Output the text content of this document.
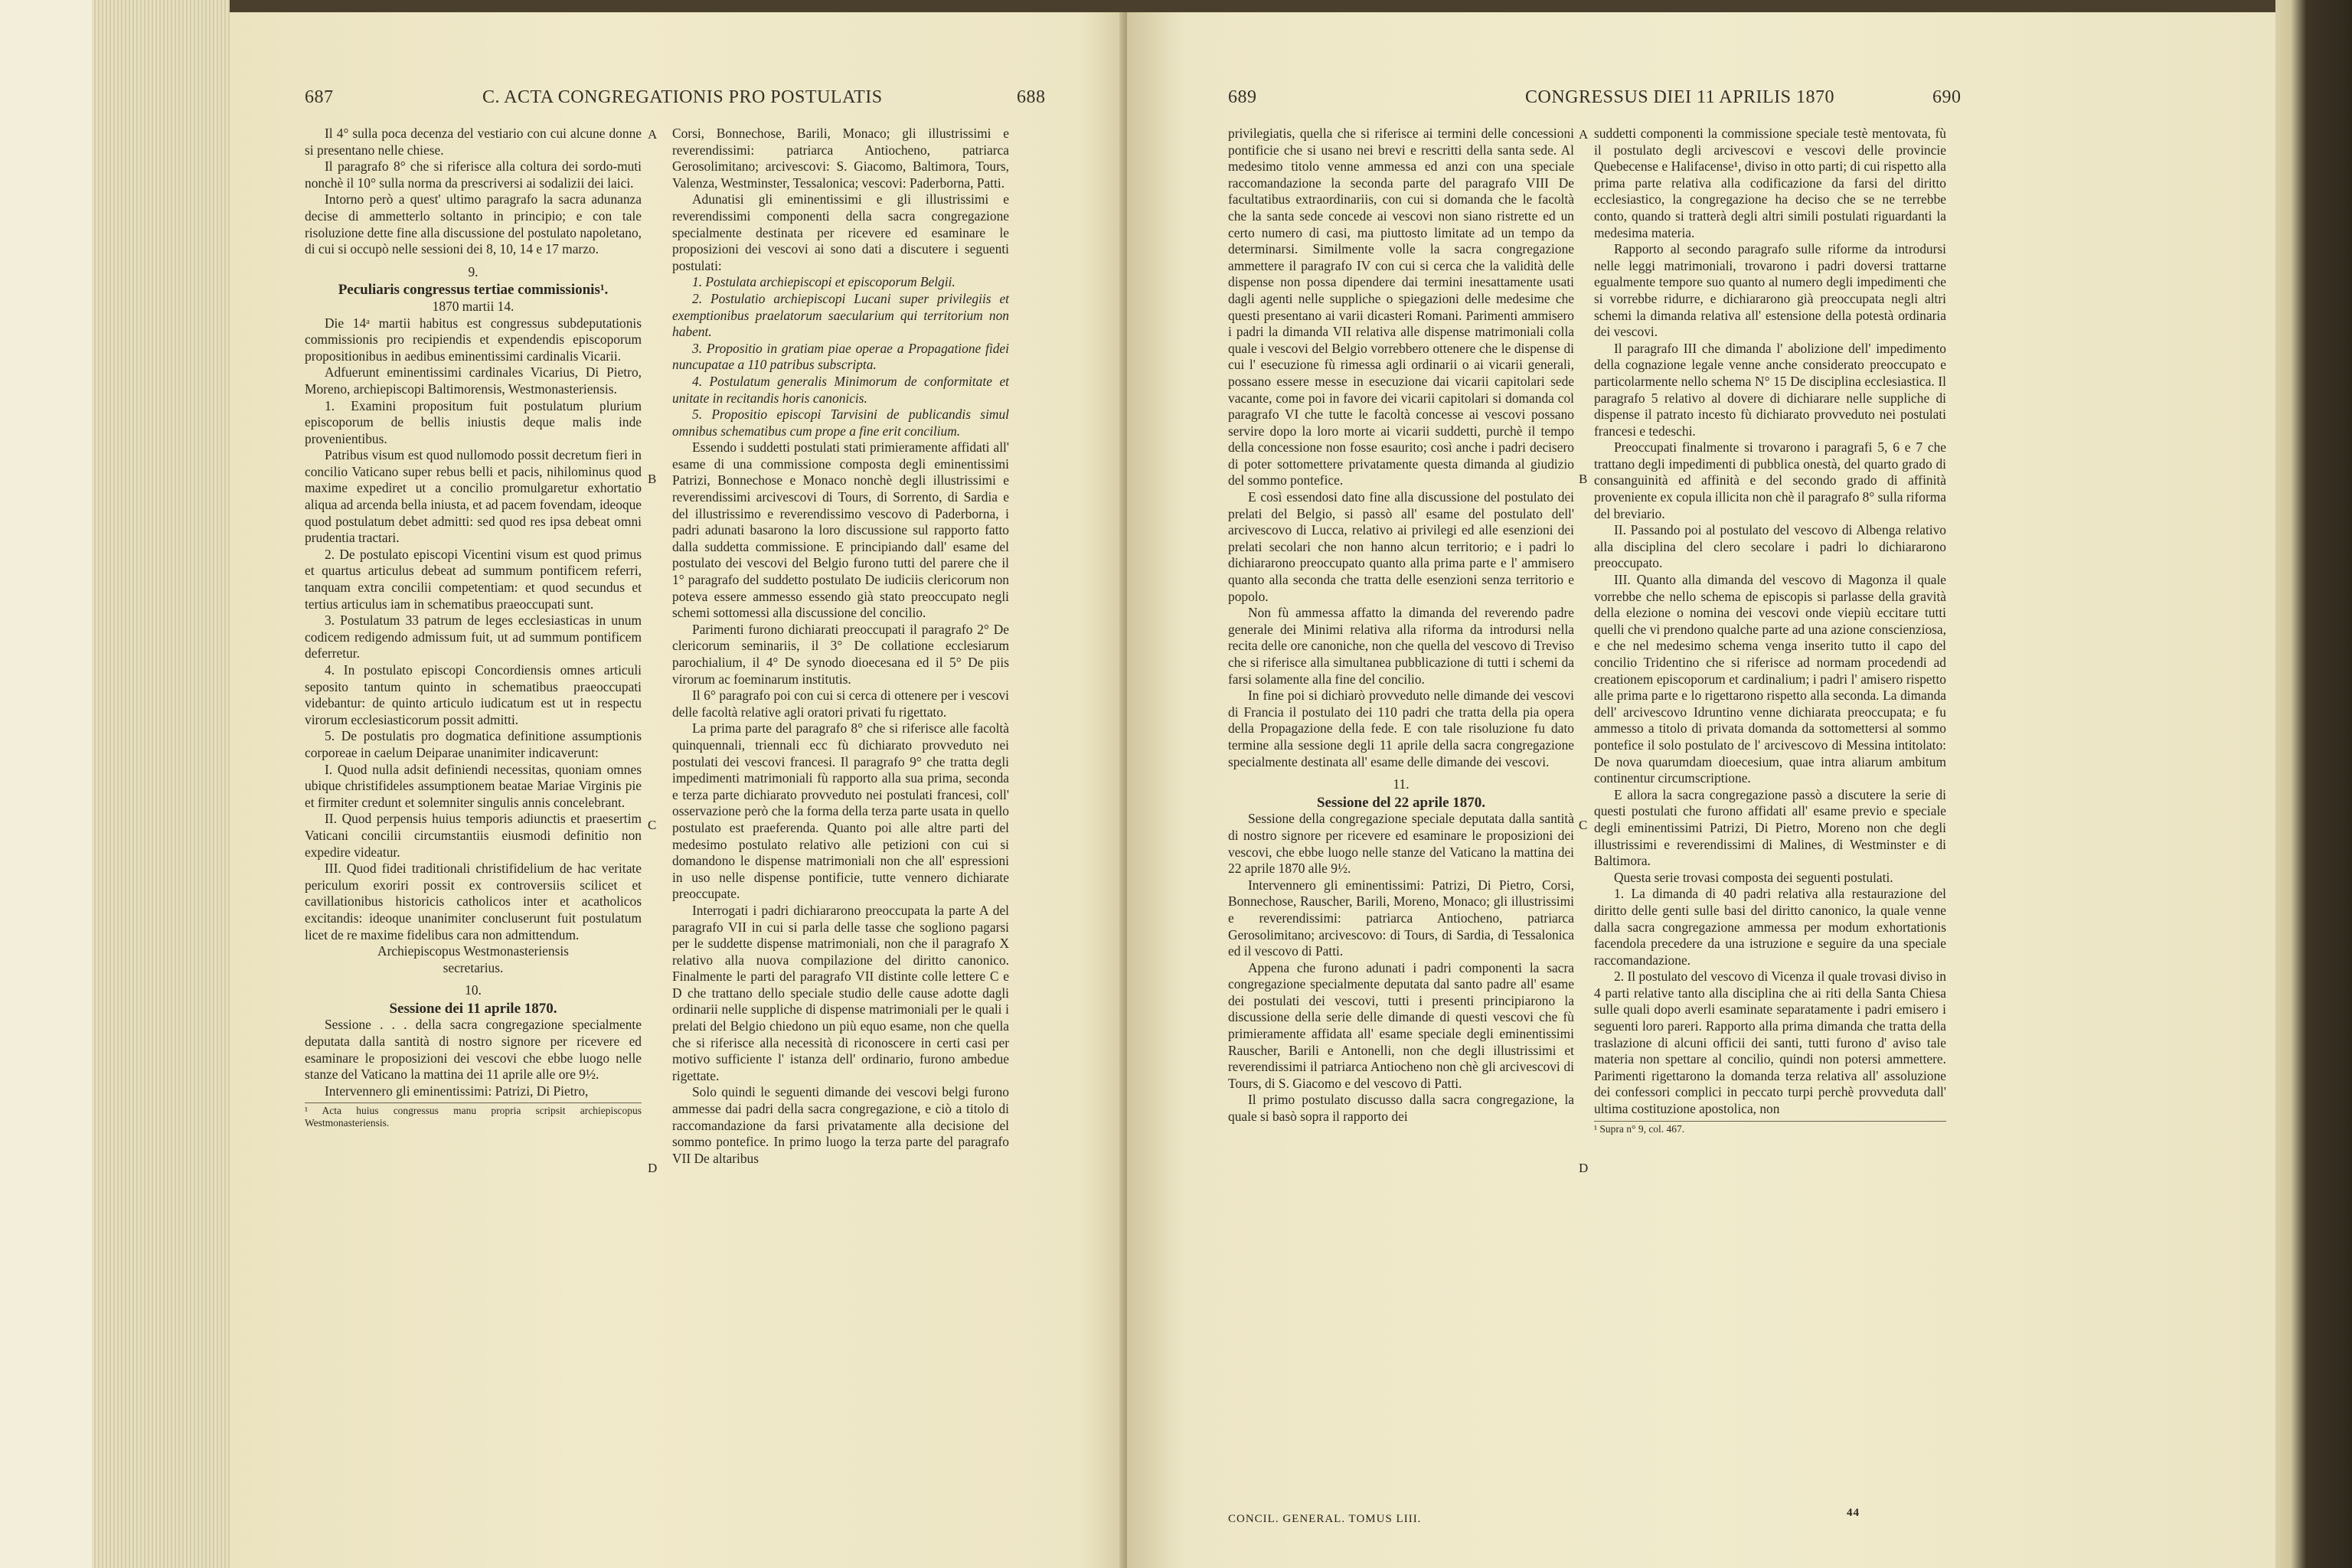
687	C. ACTA CONGREGATIONIS PRO POSTULATIS	688

Il 4° sulla poca decenza del vestiario con cui alcune donne si presentano nelle chiese.

Il paragrafo 8° che si riferisce alla coltura dei sordo-muti nonchè il 10° sulla norma da prescriversi ai sodalizii dei laici.

Intorno però a quest' ultimo paragrafo la sacra adunanza decise di ammetterlo soltanto in principio; e con tale risoluzione dette fine alla discussione del postulato napoletano, di cui si occupò nelle sessioni dei 8, 10, 14 e 17 marzo.

9.

Peculiaris congressus tertiae commissionis¹.

1870 martii 14.

Die 14ᵃ martii habitus est congressus subdeputationis commissionis pro recipiendis et expendendis episcoporum propositionibus in aedibus eminentissimi cardinalis Vicarii.

Adfuerunt eminentissimi cardinales Vicarius, Di Pietro, Moreno, archiepiscopi Baltimorensis, Westmonasteriensis.

1. Examini propositum fuit postulatum plurium episcoporum de bellis iniustis deque malis inde provenientibus.

Patribus visum est quod nullomodo possit decretum fieri in concilio Vaticano super rebus belli et pacis, nihilominus quod maxime expediret ut a concilio promulgaretur exhortatio aliqua ad arcenda bella iniusta, et ad pacem fovendam, ideoque quod postulatum debet admitti: sed quod res ipsa debeat omni prudentia tractari.

2. De postulato episcopi Vicentini visum est quod primus et quartus articulus debeat ad summum pontificem referri, tanquam extra concilii competentiam: et quod secundus et tertius articulus iam in schematibus praeoccupati sunt.

3. Postulatum 33 patrum de leges ecclesiasticas in unum codicem redigendo admissum fuit, ut ad summum pontificem deferretur.

4. In postulato episcopi Concordiensis omnes articuli seposito tantum quinto in schematibus praeoccupati videbantur: de quinto articulo iudicatum est ut in respectu virorum ecclesiasticorum possit admitti.

5. De postulatis pro dogmatica definitione assumptionis corporeae in caelum Deiparae unanimiter indicaverunt:

I. Quod nulla adsit definiendi necessitas, quoniam omnes ubique christifideles assumptionem beatae Mariae Virginis pie et firmiter credunt et solemniter singulis annis concelebrant.

II. Quod perpensis huius temporis adiunctis et praesertim Vaticani concilii circumstantiis eiusmodi definitio non expedire videatur.

III. Quod fidei traditionali christifidelium de hac veritate periculum exoriri possit ex controversiis scilicet et cavillationibus historicis catholicos inter et acatholicos excitandis: ideoque unanimiter concluserunt fuit postulatum licet de re maxime fidelibus cara non admittendum.

Archiepiscopus Westmonasteriensis

secretarius.

10.

Sessione dei 11 aprile 1870.

Sessione . . . della sacra congregazione specialmente deputata dalla santità di nostro signore per ricevere ed esaminare le proposizioni dei vescovi che ebbe luogo nelle stanze del Vaticano la mattina dei 11 aprile alle ore 9½.

Intervennero gli eminentissimi: Patrizi, Di Pietro,

¹ Acta huius congressus manu propria scripsit archiepiscopus Westmonasteriensis.

Corsi, Bonnechose, Barili, Monaco; gli illustrissimi e reverendissimi: patriarca Antiocheno, patriarca Gerosolimitano; arcivescovi: S. Giacomo, Baltimora, Tours, Valenza, Westminster, Tessalonica; vescovi: Paderborna, Patti.

Adunatisi gli eminentissimi e gli illustrissimi e reverendissimi componenti della sacra congregazione specialmente destinata per ricevere ed esaminare le proposizioni dei vescovi ai sono dati a discutere i seguenti postulati:

1. Postulata archiepiscopi et episcoporum Belgii.

2. Postulatio archiepiscopi Lucani super privilegiis et exemptionibus praelatorum saecularium qui territorium non habent.

3. Propositio in gratiam piae operae a Propagatione fidei nuncupatae a 110 patribus subscripta.

4. Postulatum generalis Minimorum de conformitate et unitate in recitandis horis canonicis.

5. Propositio episcopi Tarvisini de publicandis simul omnibus schematibus cum prope a fine erit concilium.

Essendo i suddetti postulati stati primieramente affidati all' esame di una commissione composta degli eminentissimi Patrizi, Bonnechose e Monaco nonchè degli illustrissimi e reverendissimi arcivescovi di Tours, di Sorrento, di Sardia e del illustrissimo e reverendissimo vescovo di Paderborna, i padri adunati basarono la loro discussione sul rapporto fatto dalla suddetta commissione. E principiando dall' esame del postulato dei vescovi del Belgio furono tutti del parere che il 1° paragrafo del suddetto postulato De iudiciis clericorum non poteva essere ammesso essendo già stato preoccupato negli schemi sottomessi alla discussione del concilio.

Parimenti furono dichiarati preoccupati il paragrafo 2° De clericorum seminariis, il 3° De collatione ecclesiarum parochialium, il 4° De synodo dioecesana ed il 5° De piis virorum ac foeminarum institutis.

Il 6° paragrafo poi con cui si cerca di ottenere per i vescovi delle facoltà relative agli oratori privati fu rigettato.

La prima parte del paragrafo 8° che si riferisce alle facoltà quinquennali, triennali ecc fù dichiarato provveduto nei postulati dei vescovi francesi. Il paragrafo 9° che tratta degli impedimenti matrimoniali fù rapporto alla sua prima, seconda e terza parte dichiarato provveduto nei postulati francesi, coll' osservazione però che la forma della terza parte usata in quello postulato est praeferenda. Quanto poi alle altre parti del medesimo postulato relativo alle petizioni con cui si domandono le dispense matrimoniali non che all' espressioni in uso nelle dispense pontificie, tutte vennero dichiarate preoccupate.

Interrogati i padri dichiararono preoccupata la parte A del paragrafo VII in cui si parla delle tasse che sogliono pagarsi per le suddette dispense matrimoniali, non che il paragrafo X relativo alla nuova compilazione del diritto canonico. Finalmente le parti del paragrafo VII distinte colle lettere C e D che trattano dello speciale studio delle cause adotte dagli ordinarii nelle suppliche di dispense matrimoniali per le quali i prelati del Belgio chiedono un più equo esame, non che quella che si riferisce alla necessità di riconoscere in certi casi per motivo sufficiente l' istanza dell' ordinario, furono ambedue rigettate.

Solo quindi le seguenti dimande dei vescovi belgi furono ammesse dai padri della sacra congregazione, e ciò a titolo di raccomandazione da farsi privatamente alla decisione del sommo pontefice. In primo luogo la terza parte del paragrafo VII De altaribus

A
B
C
D
689	CONGRESSUS DIEI 11 APRILIS 1870	690

privilegiatis, quella che si riferisce ai termini delle concessioni pontificie che si usano nei brevi e rescritti della santa sede. Al medesimo titolo venne ammessa ed anzi con una speciale raccomandazione la seconda parte del paragrafo VIII De facultatibus extraordinariis, con cui si domanda che le facoltà che la santa sede concede ai vescovi non siano ristrette ed un certo numero di casi, ma piuttosto limitate ad un tempo da determinarsi. Similmente volle la sacra congregazione ammettere il paragrafo IV con cui si cerca che la validità delle dispense non possa dipendere dai termini inesattamente usati dagli agenti nelle suppliche o spiegazioni delle medesime che questi presentano ai varii dicasteri Romani. Parimenti ammisero i padri la dimanda VII relativa alle dispense matrimoniali colla quale i vescovi del Belgio vorrebbero ottenere che le dispense di cui l' esecuzione fù rimessa agli ordinarii o ai vicarii generali, possano essere messe in esecuzione dai vicarii capitolari sede vacante, come poi in favore dei vicarii capitolari si domanda col paragrafo VI che tutte le facoltà concesse ai vescovi possano servire dopo la loro morte ai vicarii suddetti, purchè il tempo della concessione non fosse esaurito; così anche i padri decisero di poter sottomettere privatamente questa dimanda al giudizio del sommo pontefice.

E così essendosi dato fine alla discussione del postulato dei prelati del Belgio, si passò all' esame del postulato dell' arcivescovo di Lucca, relativo ai privilegi ed alle esenzioni dei prelati secolari che non hanno alcun territorio; e i padri lo dichiararono preoccupato quanto alla prima parte e l' ammisero quanto alla seconda che tratta delle esenzioni senza territorio e popolo.

Non fù ammessa affatto la dimanda del reverendo padre generale dei Minimi relativa alla riforma da introdursi nella recita delle ore canoniche, non che quella del vescovo di Treviso che si riferisce alla simultanea pubblicazione di tutti i schemi da farsi solamente alla fine del concilio.

In fine poi si dichiarò provveduto nelle dimande dei vescovi di Francia il postulato dei 110 padri che tratta della pia opera della Propagazione della fede. E con tale risoluzione fu dato termine alla sessione degli 11 aprile della sacra congregazione specialmente destinata all' esame delle dimande dei vescovi.

11.

Sessione del 22 aprile 1870.

Sessione della congregazione speciale deputata dalla santità di nostro signore per ricevere ed esaminare le proposizioni dei vescovi, che ebbe luogo nelle stanze del Vaticano la mattina dei 22 aprile 1870 alle 9½.

Intervennero gli eminentissimi: Patrizi, Di Pietro, Corsi, Bonnechose, Rauscher, Barili, Moreno, Monaco; gli illustrissimi e reverendissimi: patriarca Antiocheno, patriarca Gerosolimitano; arcivescovo: di Tours, di Sardia, di Tessalonica ed il vescovo di Patti.

Appena che furono adunati i padri componenti la sacra congregazione specialmente deputata dal santo padre all' esame dei postulati dei vescovi, tutti i presenti principiarono la discussione della serie delle dimande di questi vescovi che fù primieramente affidata all' esame speciale degli eminentissimi Rauscher, Barili e Antonelli, non che degli illustrissimi et reverendissimi il patriarca Antiocheno non chè gli arcivescovi di Tours, di S. Giacomo e del vescovo di Patti.

Il primo postulato discusso dalla sacra congregazione, la quale si basò sopra il rapporto dei

suddetti componenti la commissione speciale testè mentovata, fù il postulato degli arcivescovi e vescovi delle provincie Quebecense e Halifacense¹, diviso in otto parti; di cui rispetto alla prima parte relativa alla codificazione da farsi del diritto ecclesiastico, la congregazione ha deciso che se ne terrebbe conto, quando si tratterà degli altri simili postulati riguardanti la medesima materia.

Rapporto al secondo paragrafo sulle riforme da introdursi nelle leggi matrimoniali, trovarono i padri doversi trattarne egualmente tempore suo quanto al numero degli impedimenti che si vorrebbe ridurre, e dichiararono già preoccupata negli altri schemi la dimanda relativa all' estensione della potestà ordinaria dei vescovi.

Il paragrafo III che dimanda l' abolizione dell' impedimento della cognazione legale venne anche considerato preoccupato e particolarmente nello schema N° 15 De disciplina ecclesiastica. Il paragrafo 5 relativo al dovere di dichiarare nelle suppliche di dispense il patrato incesto fù dichiarato provveduto nei postulati francesi e tedeschi.

Preoccupati finalmente si trovarono i paragrafi 5, 6 e 7 che trattano degli impedimenti di pubblica onestà, del quarto grado di consanguinità ed affinità e del secondo grado di affinità proveniente ex copula illicita non chè il paragrafo 8° sulla riforma del breviario.

II. Passando poi al postulato del vescovo di Albenga relativo alla disciplina del clero secolare i padri lo dichiararono preoccupato.

III. Quanto alla dimanda del vescovo di Magonza il quale vorrebbe che nello schema de episcopis si parlasse della gravità della elezione o nomina dei vescovi onde viepiù eccitare tutti quelli che vi prendono qualche parte ad una azione conscienziosa, e che nel medesimo schema venga inserito tutto il capo del concilio Tridentino che si riferisce ad normam procedendi ad creationem episcoporum et cardinalium; i padri l' amisero rispetto alle prima parte e lo rigettarono rispetto alla seconda. La dimanda dell' arcivescovo Idruntino venne dichiarata preoccupata; e fu ammesso a titolo di privata domanda da sottomettersi al sommo pontefice il solo postulato de l' arcivescovo di Messina intitolato: De nova quarumdam dioecesium, quae intra aliarum ambitum continentur circumscriptione.

E allora la sacra congregazione passò a discutere la serie di questi postulati che furono affidati all' esame previo e speciale degli eminentissimi Patrizi, Di Pietro, Moreno non che degli illustrissimi e reverendissimi di Malines, di Westminster e di Baltimora.

Questa serie trovasi composta dei seguenti postulati.

1. La dimanda di 40 padri relativa alla restaurazione del diritto delle genti sulle basi del diritto canonico, la quale venne dalla sacra congregazione ammessa per modum exhortationis facendola precedere da una istruzione e seguire da una speciale raccomandazione.

2. Il postulato del vescovo di Vicenza il quale trovasi diviso in 4 parti relative tanto alla disciplina che ai riti della Santa Chiesa sulle quali dopo averli esaminate separatamente i padri emisero i seguenti loro pareri. Rapporto alla prima dimanda che tratta della traslazione di alcuni officii dei santi, tutti furono d' aviso tale materia non spettare al concilio, quindi non potersi ammettere. Parimenti rigettarono la domanda terza relativa all' assoluzione dei confessori complici in peccato turpi perchè provveduta dall' ultima costituzione apostolica, non

¹ Supra n° 9, col. 467.
CONCIL. GENERAL. TOMUS LIII.	44
A
B
C
D
